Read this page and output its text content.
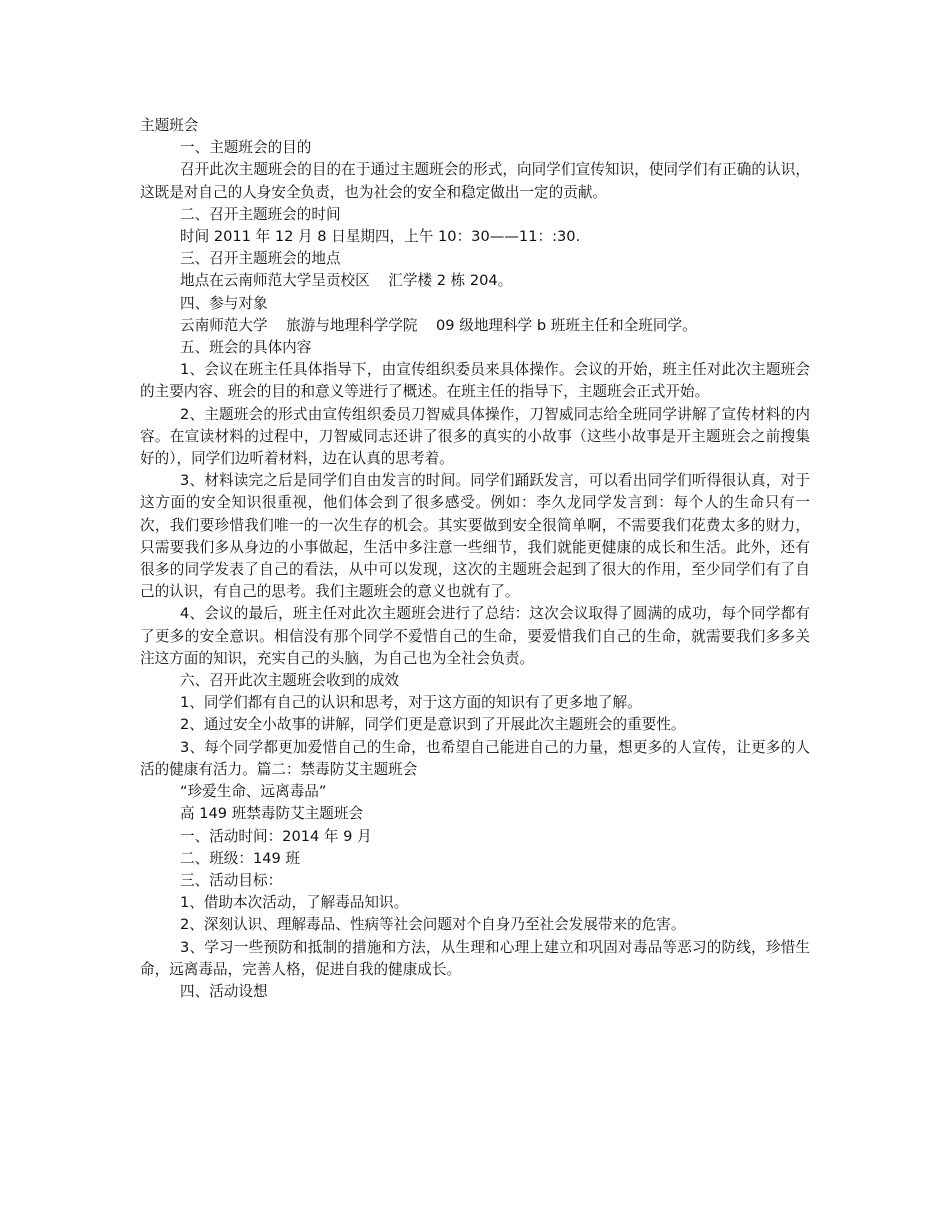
主题班会

一、主题班会的目的

召开此次主题班会的目的在于通过主题班会的形式，向同学们宣传知识，使同学们有正确的认识，这既是对自己的人身安全负责，也为社会的安全和稳定做出一定的贡献。

二、召开主题班会的时间

时间 2011 年 12 月 8 日星期四，上午 10：30——11：:30.

三、召开主题班会的地点

地点在云南师范大学呈贡校区    汇学楼 2 栋 204。

四、参与对象

云南师范大学    旅游与地理科学学院    09 级地理科学 b 班班主任和全班同学。

五、班会的具体内容

1、会议在班主任具体指导下，由宣传组织委员来具体操作。会议的开始，班主任对此次主题班会的主要内容、班会的目的和意义等进行了概述。在班主任的指导下，主题班会正式开始。

2、主题班会的形式由宣传组织委员刀智威具体操作，刀智威同志给全班同学讲解了宣传材料的内容。在宣读材料的过程中，刀智威同志还讲了很多的真实的小故事（这些小故事是开主题班会之前搜集好的），同学们边听着材料，边在认真的思考着。

3、材料读完之后是同学们自由发言的时间。同学们踊跃发言，可以看出同学们听得很认真，对于这方面的安全知识很重视，他们体会到了很多感受。例如：李久龙同学发言到：每个人的生命只有一次，我们要珍惜我们唯一的一次生存的机会。其实要做到安全很简单啊，不需要我们花费太多的财力，只需要我们多从身边的小事做起，生活中多注意一些细节，我们就能更健康的成长和生活。此外，还有很多的同学发表了自己的看法，从中可以发现，这次的主题班会起到了很大的作用，至少同学们有了自己的认识，有自己的思考。我们主题班会的意义也就有了。

4、会议的最后，班主任对此次主题班会进行了总结：这次会议取得了圆满的成功，每个同学都有了更多的安全意识。相信没有那个同学不爱惜自己的生命，要爱惜我们自己的生命，就需要我们多多关注这方面的知识，充实自己的头脑，为自己也为全社会负责。

六、召开此次主题班会收到的成效

1、同学们都有自己的认识和思考，对于这方面的知识有了更多地了解。

2、通过安全小故事的讲解，同学们更是意识到了开展此次主题班会的重要性。

3、每个同学都更加爱惜自己的生命，也希望自己能进自己的力量，想更多的人宣传，让更多的人活的健康有活力。篇二：禁毒防艾主题班会

“珍爱生命、远离毒品”

高 149 班禁毒防艾主题班会

一、活动时间：2014 年 9 月

二、班级：149 班

三、活动目标：

1、借助本次活动，了解毒品知识。

2、深刻认识、理解毒品、性病等社会问题对个自身乃至社会发展带来的危害。

3、学习一些预防和抵制的措施和方法，从生理和心理上建立和巩固对毒品等恶习的防线，珍惜生命，远离毒品，完善人格，促进自我的健康成长。

四、活动设想
